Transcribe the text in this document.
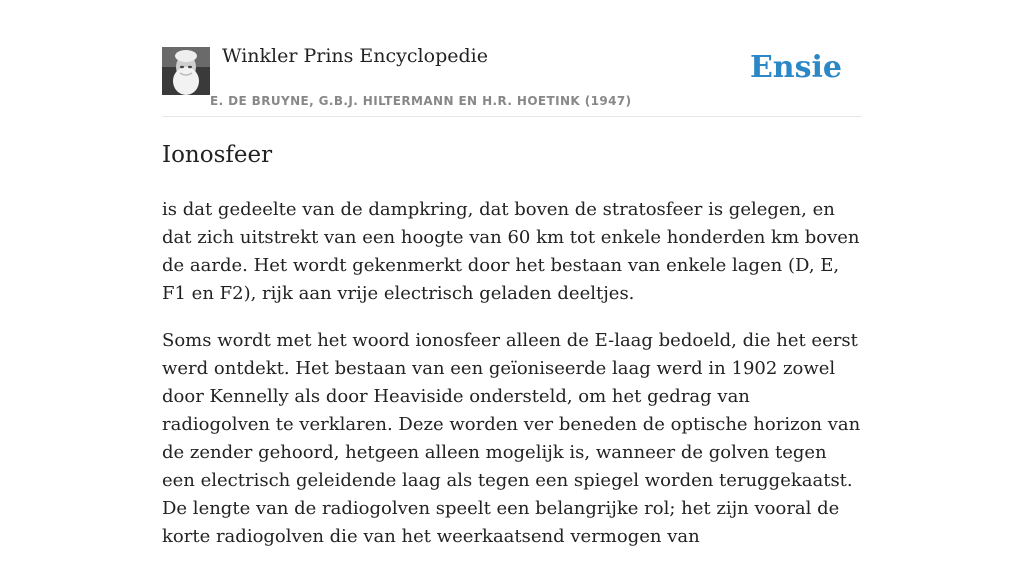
Winkler Prins Encyclopedie
E. DE BRUYNE, G.B.J. HILTERMANN EN H.R. HOETINK (1947)
Ensie
Ionosfeer

is dat gedeelte van de dampkring, dat boven de stratosfeer is gelegen, en dat zich uitstrekt van een hoogte van 60 km tot enkele honderden km boven de aarde. Het wordt gekenmerkt door het bestaan van enkele lagen (D, E, F1 en F2), rijk aan vrije electrisch geladen deeltjes.

Soms wordt met het woord ionosfeer alleen de E-laag bedoeld, die het eerst werd ontdekt. Het bestaan van een geïoniseerde laag werd in 1902 zowel door Kennelly als door Heaviside ondersteld, om het gedrag van radiogolven te verklaren. Deze worden ver beneden de optische horizon van de zender gehoord, hetgeen alleen mogelijk is, wanneer de golven tegen een electrisch geleidende laag als tegen een spiegel worden teruggekaatst. De lengte van de radiogolven speelt een belangrijke rol; het zijn vooral de korte radiogolven die van het weerkaatsend vermogen van
